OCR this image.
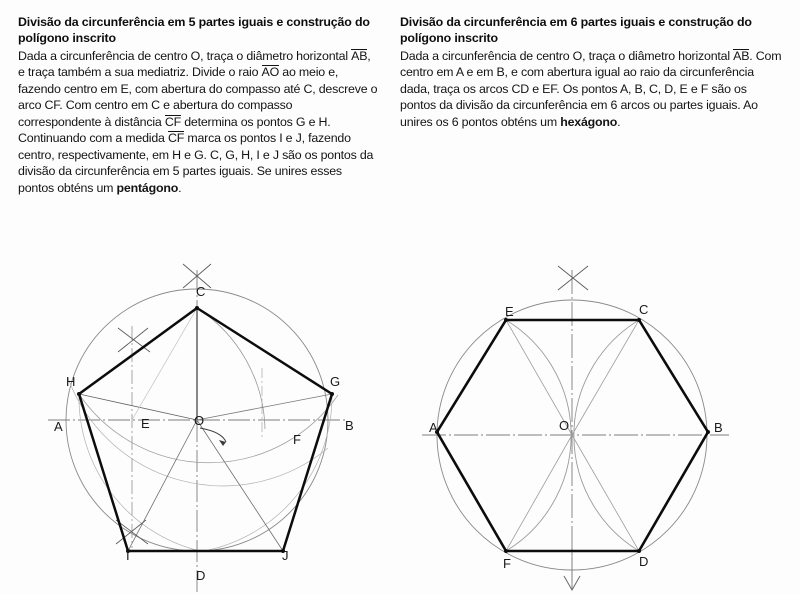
Divisão da circunferência em 5 partes iguais e construção do polígono inscrito

Dada a circunferência de centro O, traça o diâmetro horizontal AB, e traça também a sua mediatriz. Divide o raio AO ao meio e, fazendo centro em E, com abertura do compasso até C, descreve o arco CF. Com centro em C e abertura do compasso correspondente à distância CF determina os pontos G e H. Continuando com a medida CF marca os pontos I e J, fazendo centro, respectivamente, em H e G. C, G, H, I e J são os pontos da divisão da circunferência em 5 partes iguais. Se unires esses pontos obténs um pentágono.

Divisão da circunferência em 6 partes iguais e construção do polígono inscrito

Dada a circunferência de centro O, traça o diâmetro horizontal AB. Com centro em A e em B, e com abertura igual ao raio da circunferência dada, traça os arcos CD e EF. Os pontos A, B, C, D, E e F são os pontos da divisão da circunferência em 6 arcos ou partes iguais. Ao unires os 6 pontos obténs um hexágono.

C
H	G
A	B
E	O
F
I	J
D
E	C
A	O	B
F	D
